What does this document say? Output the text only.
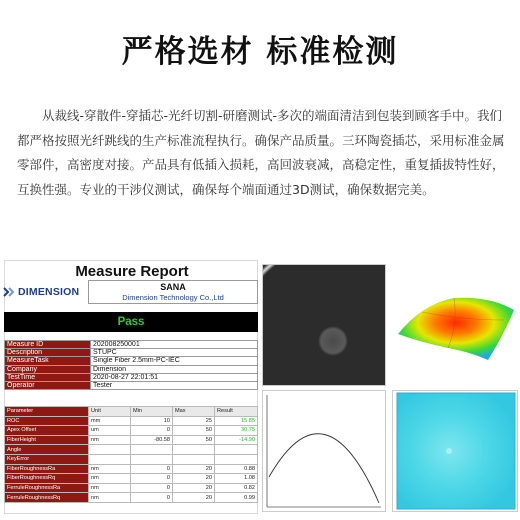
严格选材 标准检测
从裁线-穿散件-穿插芯-光纤切割-研磨测试-多次的端面清洁到包装到顾客手中。我们都严格按照光纤跳线的生产标准流程执行。确保产品质量。三环陶瓷插芯，采用标准金属零部件，高密度对接。产品具有低插入损耗，高回波衰减，高稳定性，重复插拔特性好，互换性强。专业的干涉仪测试，确保每个端面通过3D测试，确保数据完美。
Measure Report
DIMENSION	SANA
Dimension Technology Co.,Ltd
Pass
Measure ID	202008250001
Description	STUPC
MeasureTask	Single Fiber 2.5mm-PC-IEC
Company	Dimension
TestTime	2020-08-27 22:01:51
Operator	Tester
Parameter	Unit	Min	Max	Result
ROC	mm	10	25	15.85
Apex Offset	um	0	50	30.75
FiberHeight	nm	-80.58	50	-14.90
Angle				
KeyError				
FiberRoughnessRa	nm	0	20	0.88
FiberRoughnessRq	nm	0	20	1.08
FerruleRoughnessRa	nm	0	20	0.82
FerruleRoughnessRq	nm	0	20	0.99
